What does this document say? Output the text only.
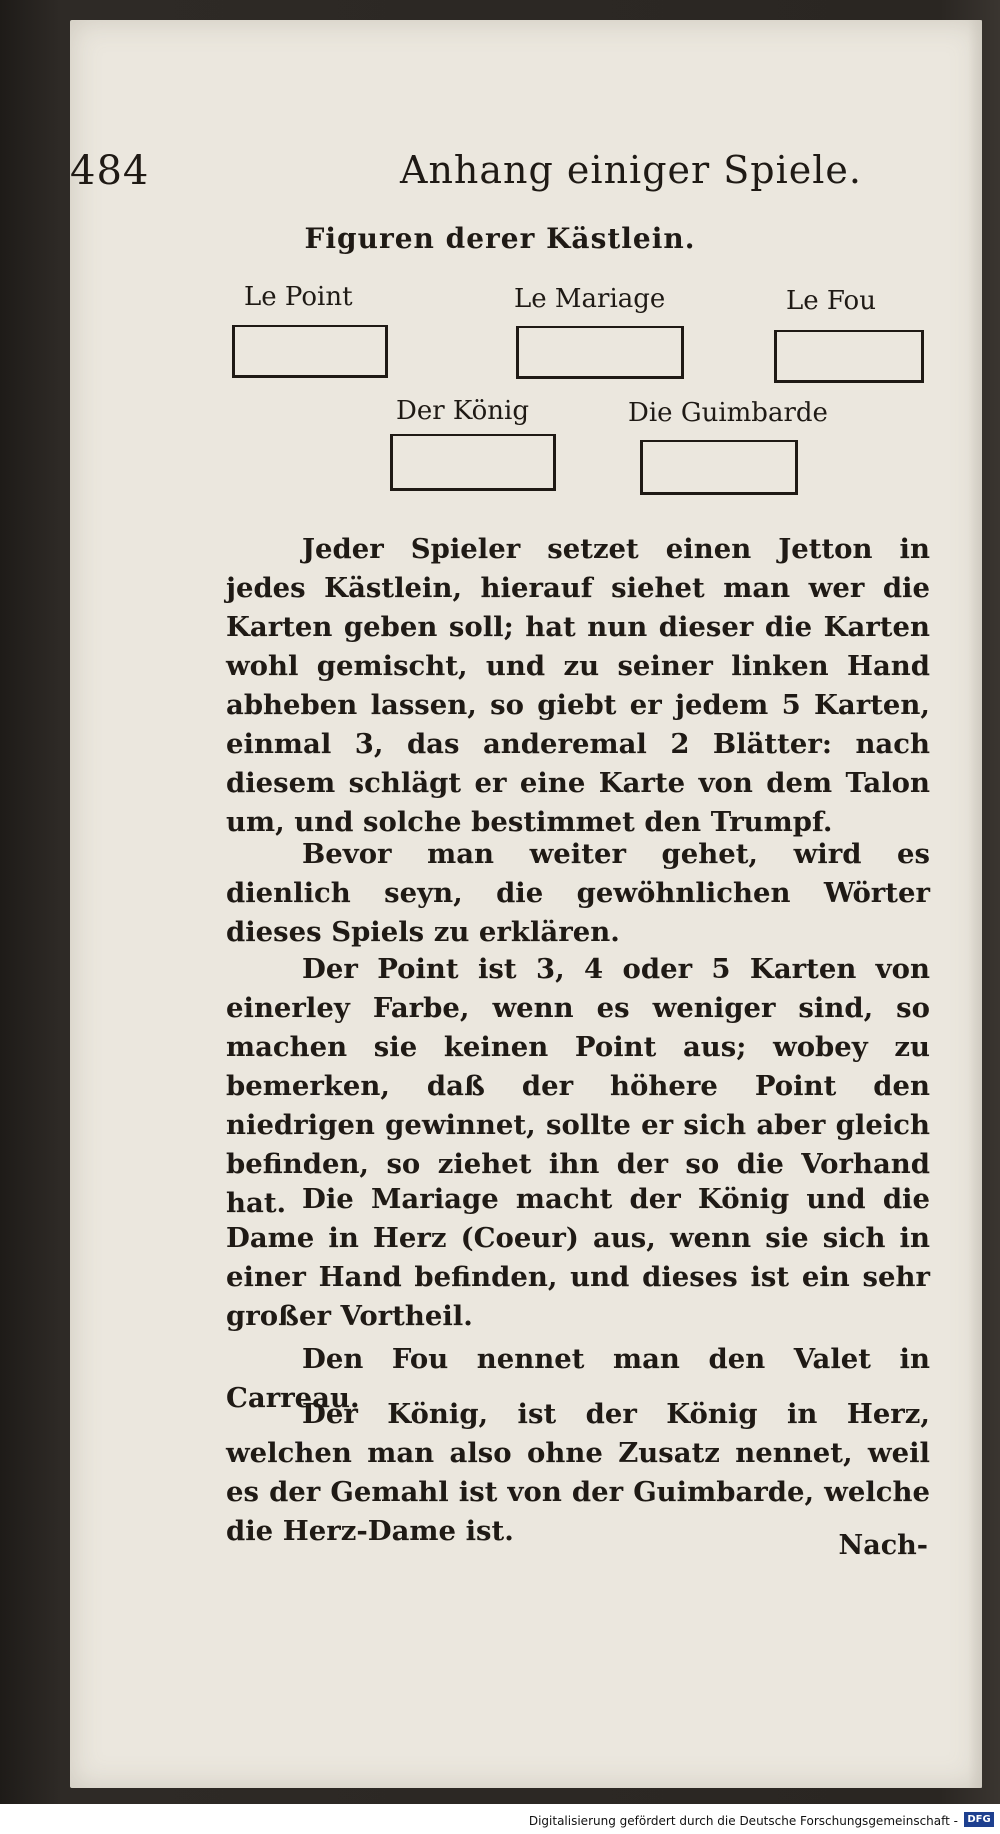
484	Anhang einiger Spiele.
Figuren derer Kästlein.
Le Point	Le Mariage	Le Fou
Der König	Die Guimbarde
Jeder Spieler setzet einen Jetton in jedes Kästlein, hierauf siehet man wer die Karten geben soll; hat nun dieser die Karten wohl gemischt, und zu seiner linken Hand abheben lassen, so giebt er jedem 5 Karten, einmal 3, das anderemal 2 Blätter: nach diesem schlägt er eine Karte von dem Talon um, und solche bestimmet den Trumpf.
Bevor man weiter gehet, wird es dienlich seyn, die gewöhnlichen Wörter dieses Spiels zu erklären.
Der Point ist 3, 4 oder 5 Karten von einerley Farbe, wenn es weniger sind, so machen sie keinen Point aus; wobey zu bemerken, daß der höhere Point den niedrigen gewinnet, sollte er sich aber gleich befinden, so ziehet ihn der so die Vorhand hat. Die Mariage macht der König und die Dame in Herz (Coeur) aus, wenn sie sich in einer Hand befinden, und dieses ist ein sehr großer Vortheil.
Den Fou nennet man den Valet in Carreau.
Der König, ist der König in Herz, welchen man also ohne Zusatz nennet, weil es der Gemahl ist von der Guimbarde, welche die Herz-Dame ist.	Nach-
Digitalisierung gefördert durch die Deutsche Forschungsgemeinschaft - DFG
